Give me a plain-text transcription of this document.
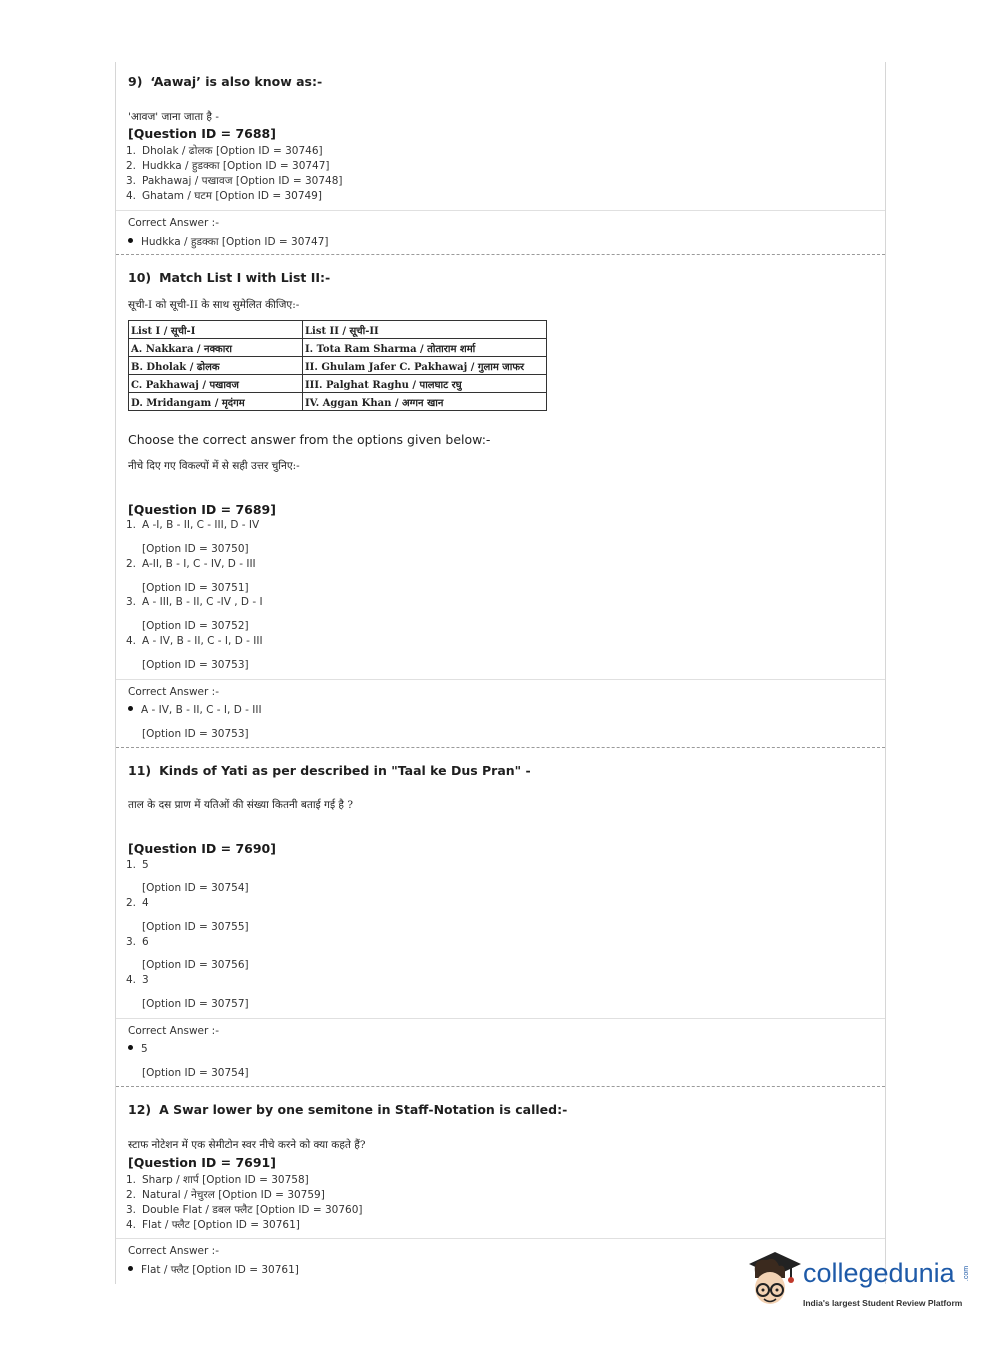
9) ‘Aawaj’ is also know as:-
'आवज' जाना जाता है -
[Question ID = 7688]
1. Dholak / ढोलक [Option ID = 30746]
2. Hudkka / हुडक्का [Option ID = 30747]
3. Pakhawaj / पखावज [Option ID = 30748]
4. Ghatam / घटम [Option ID = 30749]
Correct Answer :-
Hudkka / हुडक्का [Option ID = 30747]
10) Match List I with List II:-
सूची-I को सूची-II के साथ सुमेलित कीजिए:-
List I / सूची-I	List II / सूची-II
A. Nakkara / नक्कारा	I. Tota Ram Sharma / तोताराम शर्मा
B. Dholak / ढोलक	II. Ghulam Jafer C. Pakhawaj / गुलाम जाफर
C. Pakhawaj / पखावज	III. Palghat Raghu / पालघाट रघु
D. Mridangam / मृदंगम	IV. Aggan Khan / अग्गन खान
Choose the correct answer from the options given below:-
नीचे दिए गए विकल्पों में से सही उत्तर चुनिए:-
[Question ID = 7689]
1. A -I, B - II, C - III, D - IV
[Option ID = 30750]
2. A-II, B - I, C - IV, D - III
[Option ID = 30751]
3. A - III, B - II, C -IV , D - I
[Option ID = 30752]
4. A - IV, B - II, C - I, D - III
[Option ID = 30753]
Correct Answer :-
A - IV, B - II, C - I, D - III
[Option ID = 30753]
11) Kinds of Yati as per described in "Taal ke Dus Pran" -
ताल के दस प्राण में यतिओं की संख्या कितनी बताई गई है ?
[Question ID = 7690]
1. 5
[Option ID = 30754]
2. 4
[Option ID = 30755]
3. 6
[Option ID = 30756]
4. 3
[Option ID = 30757]
Correct Answer :-
5
[Option ID = 30754]
12) A Swar lower by one semitone in Staff-Notation is called:-
स्टाफ नोटेशन में एक सेमीटोन स्वर नीचे करने को क्या कहते हैं?
[Question ID = 7691]
1. Sharp / शार्प [Option ID = 30758]
2. Natural / नेचुरल [Option ID = 30759]
3. Double Flat / डबल फ्लैट [Option ID = 30760]
4. Flat / फ्लैट [Option ID = 30761]
Correct Answer :-
Flat / फ्लैट [Option ID = 30761]	collegedunia .com
India's largest Student Review Platform
